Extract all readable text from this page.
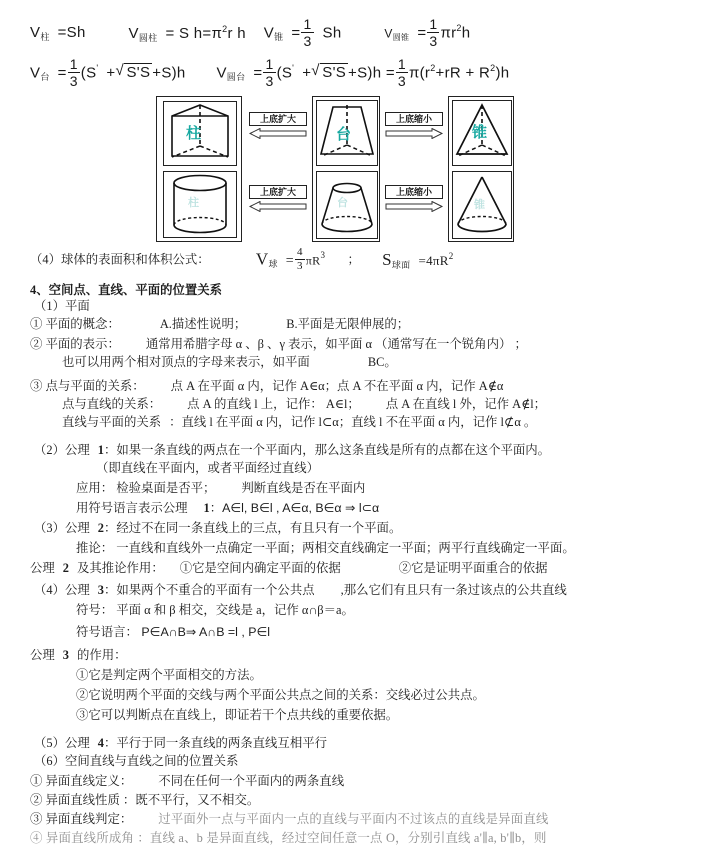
V柱 =Sh	V圆柱 = S h=π2r h V锥 = $\frac{1}{3}$ Sh	V圆锥 = $\frac{1}{3} \pi r2h$
V台 = $\frac{1}{3} (S'$ + √ S'S +S)h V圆台 = $\frac{1}{3} (S'$ + √ $S'S +S)h = \frac{1}{3} \pi(r2+rR + R2)h$
柱
柱
上底扩大
上底扩大
台
台
上底缩小
上底缩小
锥
锥
（4）球体的表面积和体积公式：	V球 = $\frac{4}{3} \pi R3$ ； S球面 =4πR2
4、空间点、直线、平面的位置关系
（1）平面
① 平面的概念：	A.描述性说明；	B.平面是无限伸展的；
② 平面的表示： 通常用希腊字母 α 、β 、γ 表示，如平面 α （通常写在一个锐角内） ；
也可以用两个相对顶点的字母来表示，如平面	BC。
③ 点与平面的关系： 点 A 在平面 α 内，记作 A∈α；点 A 不在平面 α 内，记作 A∉α
点与直线的关系： 点 A 的直线 l 上，记作： A∈l； 点 A 在直线 l 外，记作 A∉l；
直线与平面的关系 ：直线 l 在平面 α 内，记作 l⊂α；直线 l 不在平面 α 内，记作 l⊄α 。
（2）公理 1：如果一条直线的两点在一个平面内，那么这条直线是所有的点都在这个平面内。
（即直线在平面内，或者平面经过直线）
应用： 检验桌面是否平； 判断直线是否在平面内
用符号语言表示公理 1：A∈l, B∈l , A∈α, B∈α ⇒ l⊂α
（3）公理 2：经过不在同一条直线上的三点，有且只有一个平面。
推论： 一直线和直线外一点确定一平面；两相交直线确定一平面；两平行直线确定一平面。
公理 2 及其推论作用： ①它是空间内确定平面的依据	②它是证明平面重合的依据
（4）公理 3：如果两个不重合的平面有一个公共点 ,那么它们有且只有一条过该点的公共直线
符号： 平面 α 和 β 相交，交线是 a，记作 α∩β＝a。
符号语言： P∈A∩B⇒ A∩B =l , P∈l
公理 3 的作用：
①它是判定两个平面相交的方法。
②它说明两个平面的交线与两个平面公共点之间的关系：交线必过公共点。
③它可以判断点在直线上，即证若干个点共线的重要依据。
（5）公理 4：平行于同一条直线的两条直线互相平行
（6）空间直线与直线之间的位置关系
① 异面直线定义： 不同在任何一个平面内的两条直线
② 异面直线性质 ：既不平行，又不相交。
③ 异面直线判定： 过平面外一点与平面内一点的直线与平面内不过该点的直线是异面直线
④ 异面直线所成角 ：直线 a、b 是异面直线，经过空间任意一点 O，分别引直线 a'∥a, b'∥b，则
